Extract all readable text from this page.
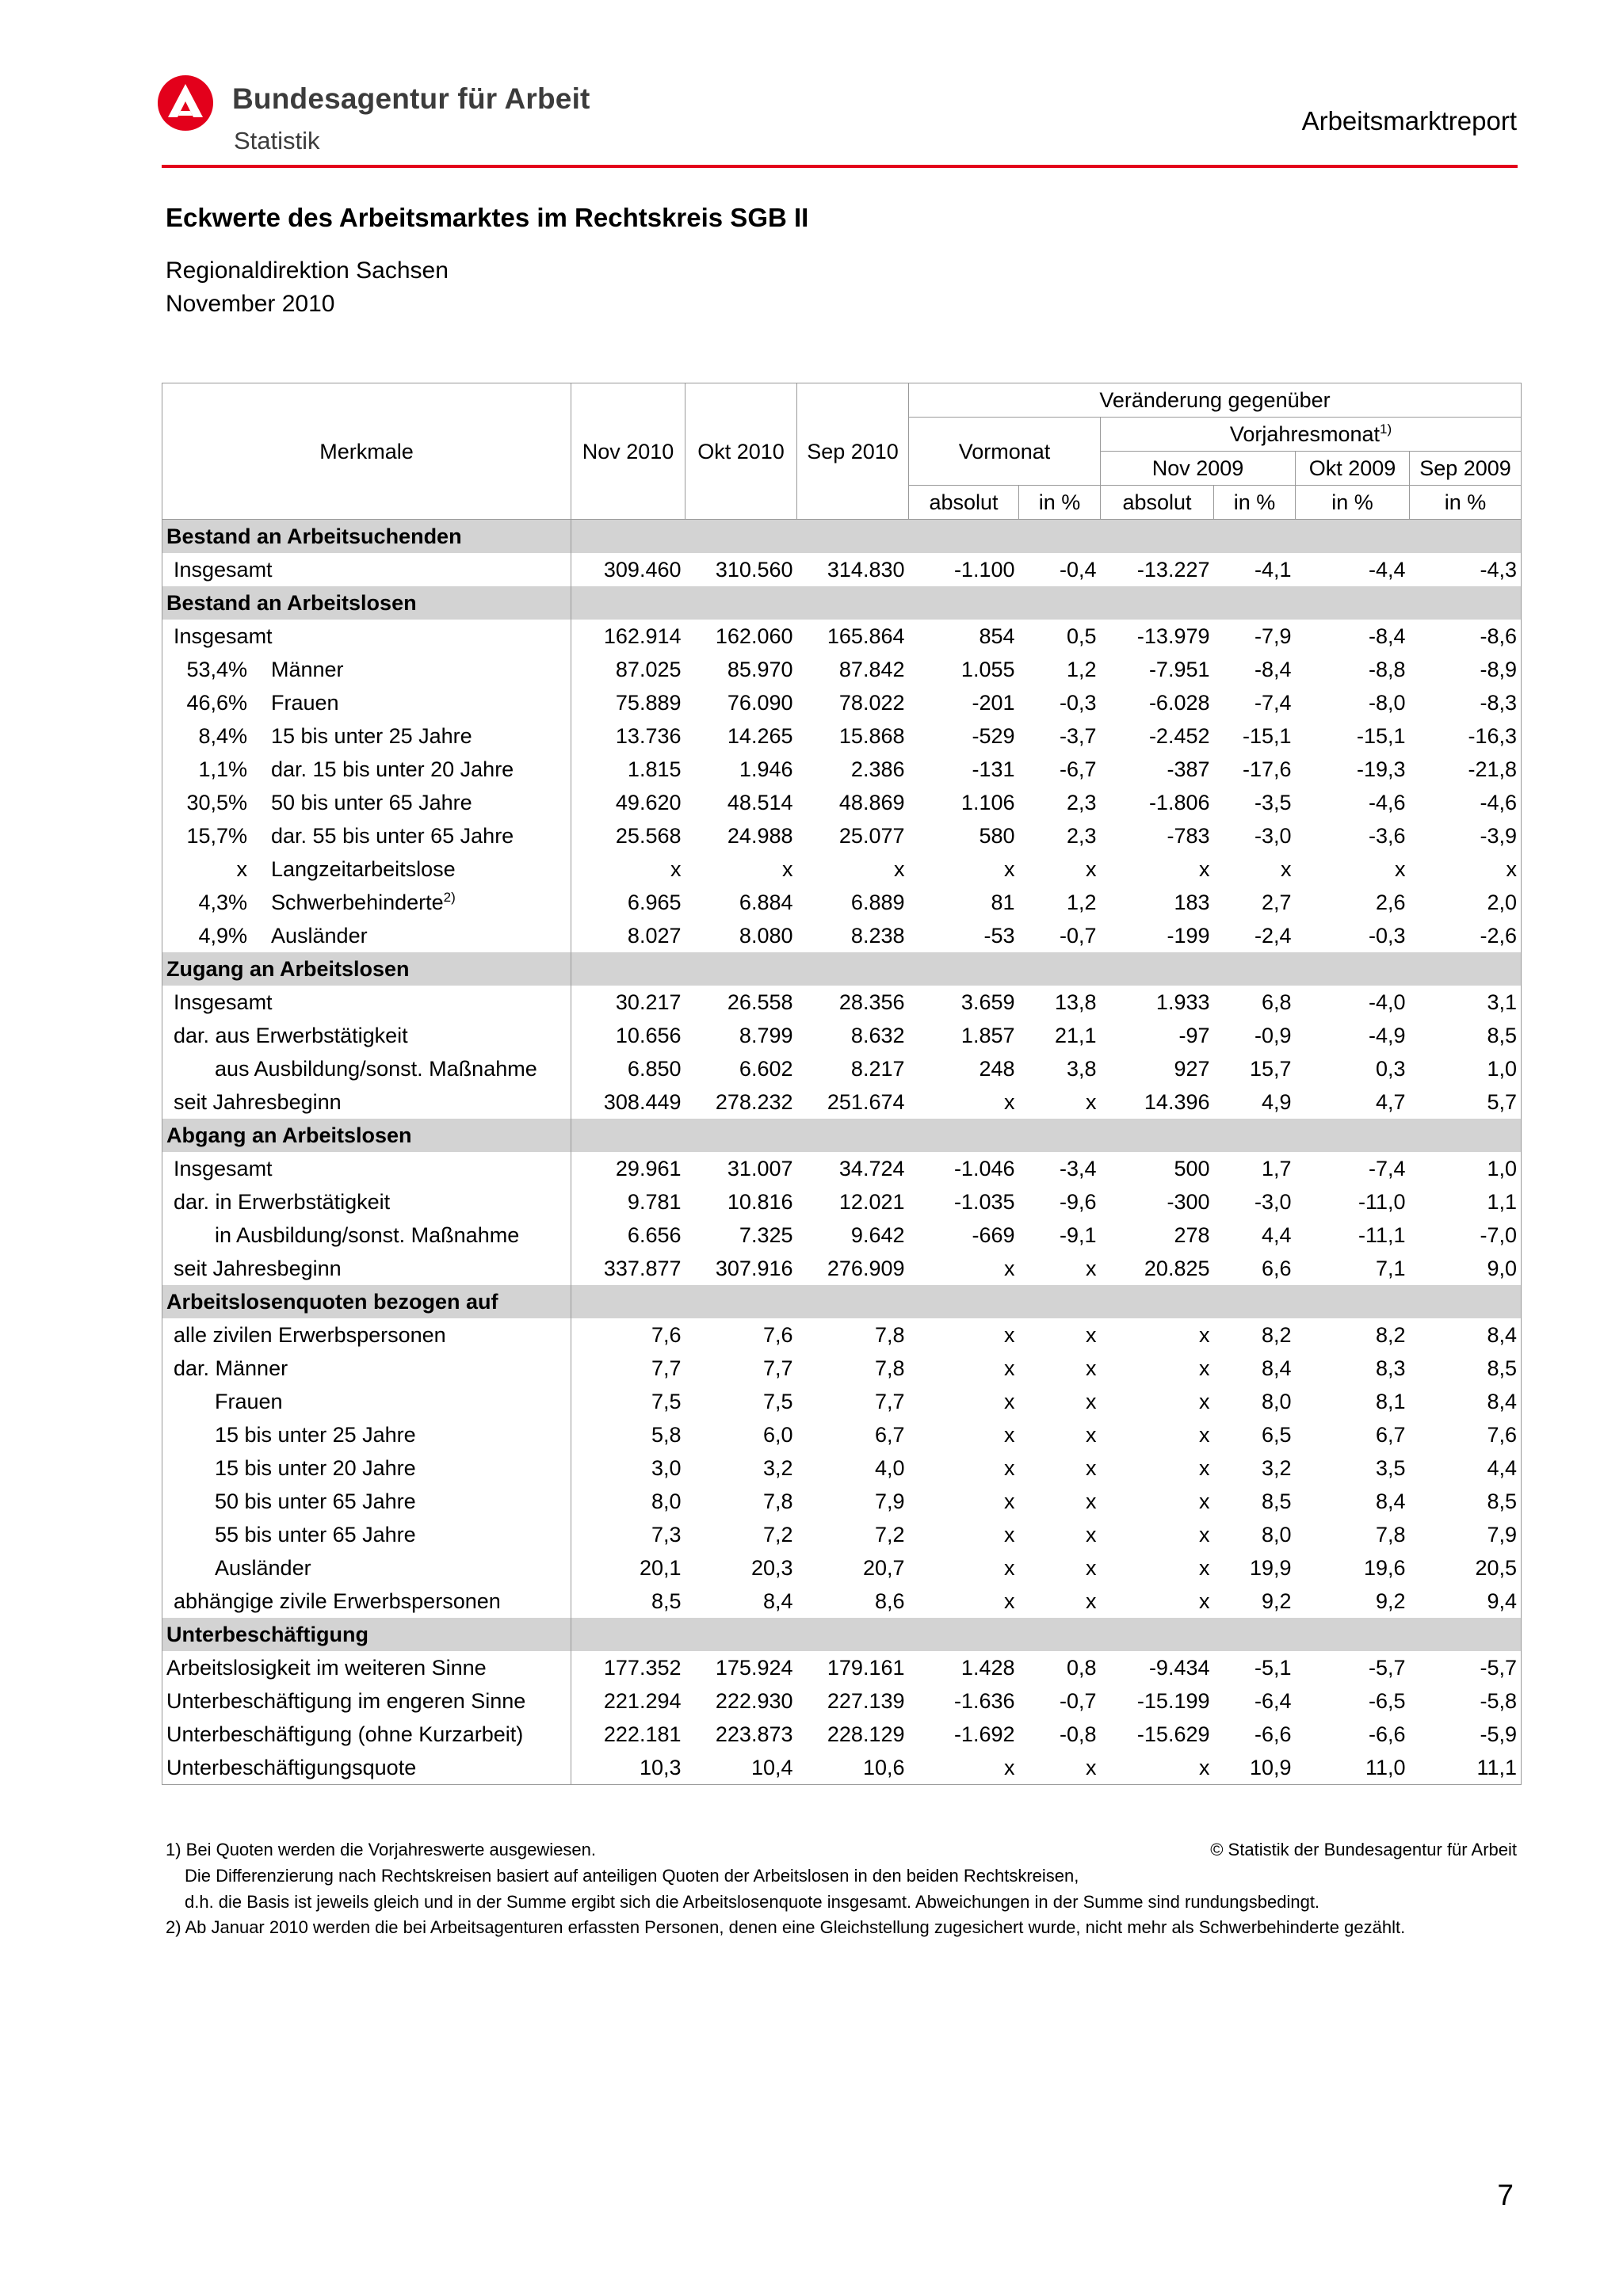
Bundesagentur für Arbeit
Statistik
Arbeitsmarktreport
Eckwerte des Arbeitsmarktes im Rechtskreis SGB II
Regionaldirektion Sachsen
November 2010
Merkmale	Nov 2010	Okt 2010	Sep 2010	Veränderung gegenüber					
				Vormonat		Vorjahresmonat$^{1)}$
						Nov 2009		Okt 2009	Sep 2009
				absolut	in %	absolut	in %	in %	in %
Bestand an Arbeitsuchenden									
Insgesamt	309.460	310.560	314.830	-1.100	-0,4	-13.227	-4,1	-4,4	-4,3
Bestand an Arbeitslosen									
Insgesamt	162.914	162.060	165.864	854	0,5	-13.979	-7,9	-8,4	-8,6
53,4% Männer	87.025	85.970	87.842	1.055	1,2	-7.951	-8,4	-8,8	-8,9
46,6% Frauen	75.889	76.090	78.022	-201	-0,3	-6.028	-7,4	-8,0	-8,3
8,4% 15 bis unter 25 Jahre	13.736	14.265	15.868	-529	-3,7	-2.452	-15,1	-15,1	-16,3
1,1% dar. 15 bis unter 20 Jahre	1.815	1.946	2.386	-131	-6,7	-387	-17,6	-19,3	-21,8
30,5% 50 bis unter 65 Jahre	49.620	48.514	48.869	1.106	2,3	-1.806	-3,5	-4,6	-4,6
15,7% dar. 55 bis unter 65 Jahre	25.568	24.988	25.077	580	2,3	-783	-3,0	-3,6	-3,9
x Langzeitarbeitslose	x	x	x	x	x	x	x	x	x
4,3% Schwerbehinderte$^{2)}$	6.965	6.884	6.889	81	1,2	183	2,7	2,6	2,0
4,9% Ausländer	8.027	8.080	8.238	-53	-0,7	-199	-2,4	-0,3	-2,6
Zugang an Arbeitslosen									
Insgesamt	30.217	26.558	28.356	3.659	13,8	1.933	6,8	-4,0	3,1
dar. aus Erwerbstätigkeit	10.656	8.799	8.632	1.857	21,1	-97	-0,9	-4,9	8,5
aus Ausbildung/sonst. Maßnahme	6.850	6.602	8.217	248	3,8	927	15,7	0,3	1,0
seit Jahresbeginn	308.449	278.232	251.674	x	x	14.396	4,9	4,7	5,7
Abgang an Arbeitslosen									
Insgesamt	29.961	31.007	34.724	-1.046	-3,4	500	1,7	-7,4	1,0
dar. in Erwerbstätigkeit	9.781	10.816	12.021	-1.035	-9,6	-300	-3,0	-11,0	1,1
in Ausbildung/sonst. Maßnahme	6.656	7.325	9.642	-669	-9,1	278	4,4	-11,1	-7,0
seit Jahresbeginn	337.877	307.916	276.909	x	x	20.825	6,6	7,1	9,0
Arbeitslosenquoten bezogen auf									
alle zivilen Erwerbspersonen	7,6	7,6	7,8	x	x	x	8,2	8,2	8,4
dar. Männer	7,7	7,7	7,8	x	x	x	8,4	8,3	8,5
Frauen	7,5	7,5	7,7	x	x	x	8,0	8,1	8,4
15 bis unter 25 Jahre	5,8	6,0	6,7	x	x	x	6,5	6,7	7,6
15 bis unter 20 Jahre	3,0	3,2	4,0	x	x	x	3,2	3,5	4,4
50 bis unter 65 Jahre	8,0	7,8	7,9	x	x	x	8,5	8,4	8,5
55 bis unter 65 Jahre	7,3	7,2	7,2	x	x	x	8,0	7,8	7,9
Ausländer	20,1	20,3	20,7	x	x	x	19,9	19,6	20,5
abhängige zivile Erwerbspersonen	8,5	8,4	8,6	x	x	x	9,2	9,2	9,4
Unterbeschäftigung									
Arbeitslosigkeit im weiteren Sinne	177.352	175.924	179.161	1.428	0,8	-9.434	-5,1	-5,7	-5,7
Unterbeschäftigung im engeren Sinne	221.294	222.930	227.139	-1.636	-0,7	-15.199	-6,4	-6,5	-5,8
Unterbeschäftigung (ohne Kurzarbeit)	222.181	223.873	228.129	-1.692	-0,8	-15.629	-6,6	-6,6	-5,9
Unterbeschäftigungsquote	10,3	10,4	10,6	x	x	x	10,9	11,0	11,1
1) Bei Quoten werden die Vorjahreswerte ausgewiesen.	© Statistik der Bundesagentur für Arbeit
Die Differenzierung nach Rechtskreisen basiert auf anteiligen Quoten der Arbeitslosen in den beiden Rechtskreisen,
d.h. die Basis ist jeweils gleich und in der Summe ergibt sich die Arbeitslosenquote insgesamt. Abweichungen in der Summe sind rundungsbedingt.
2) Ab Januar 2010 werden die bei Arbeitsagenturen erfassten Personen, denen eine Gleichstellung zugesichert wurde, nicht mehr als Schwerbehinderte gezählt.
7
